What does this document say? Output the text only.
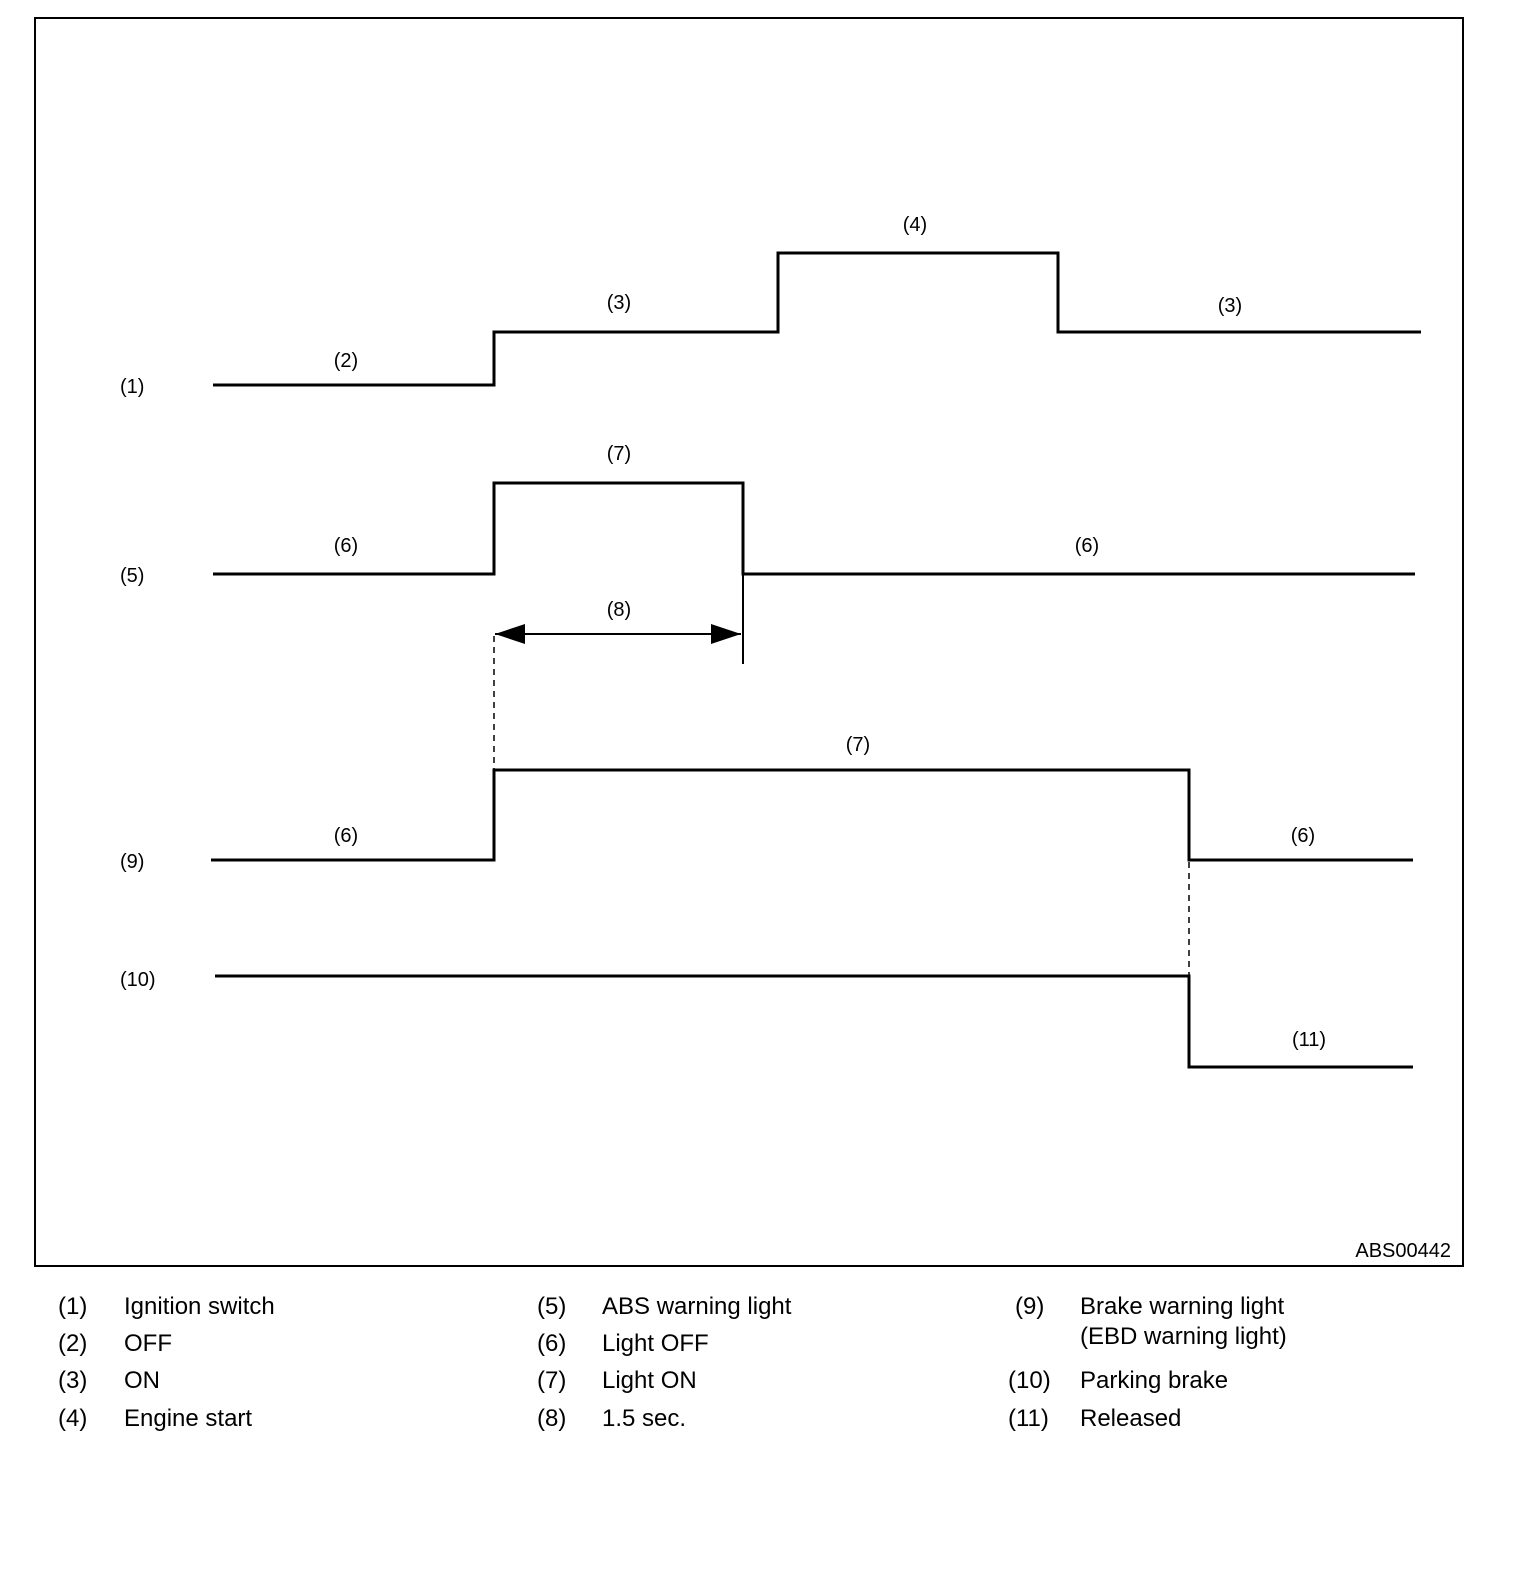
(1)
(2)
(3)
(4)
(3)
(5)
(6)
(7)
(6)
(8)
(9)
(6)
(7)
(6)
(10)
(11)
ABS00442
(1) Ignition switch
(2) OFF
(3) ON
(4) Engine start
(5) ABS warning light
(6) Light OFF
(7) Light ON
(8) 1.5 sec.
(9) Brake warning light
(EBD warning light)
(10) Parking brake
(11) Released
